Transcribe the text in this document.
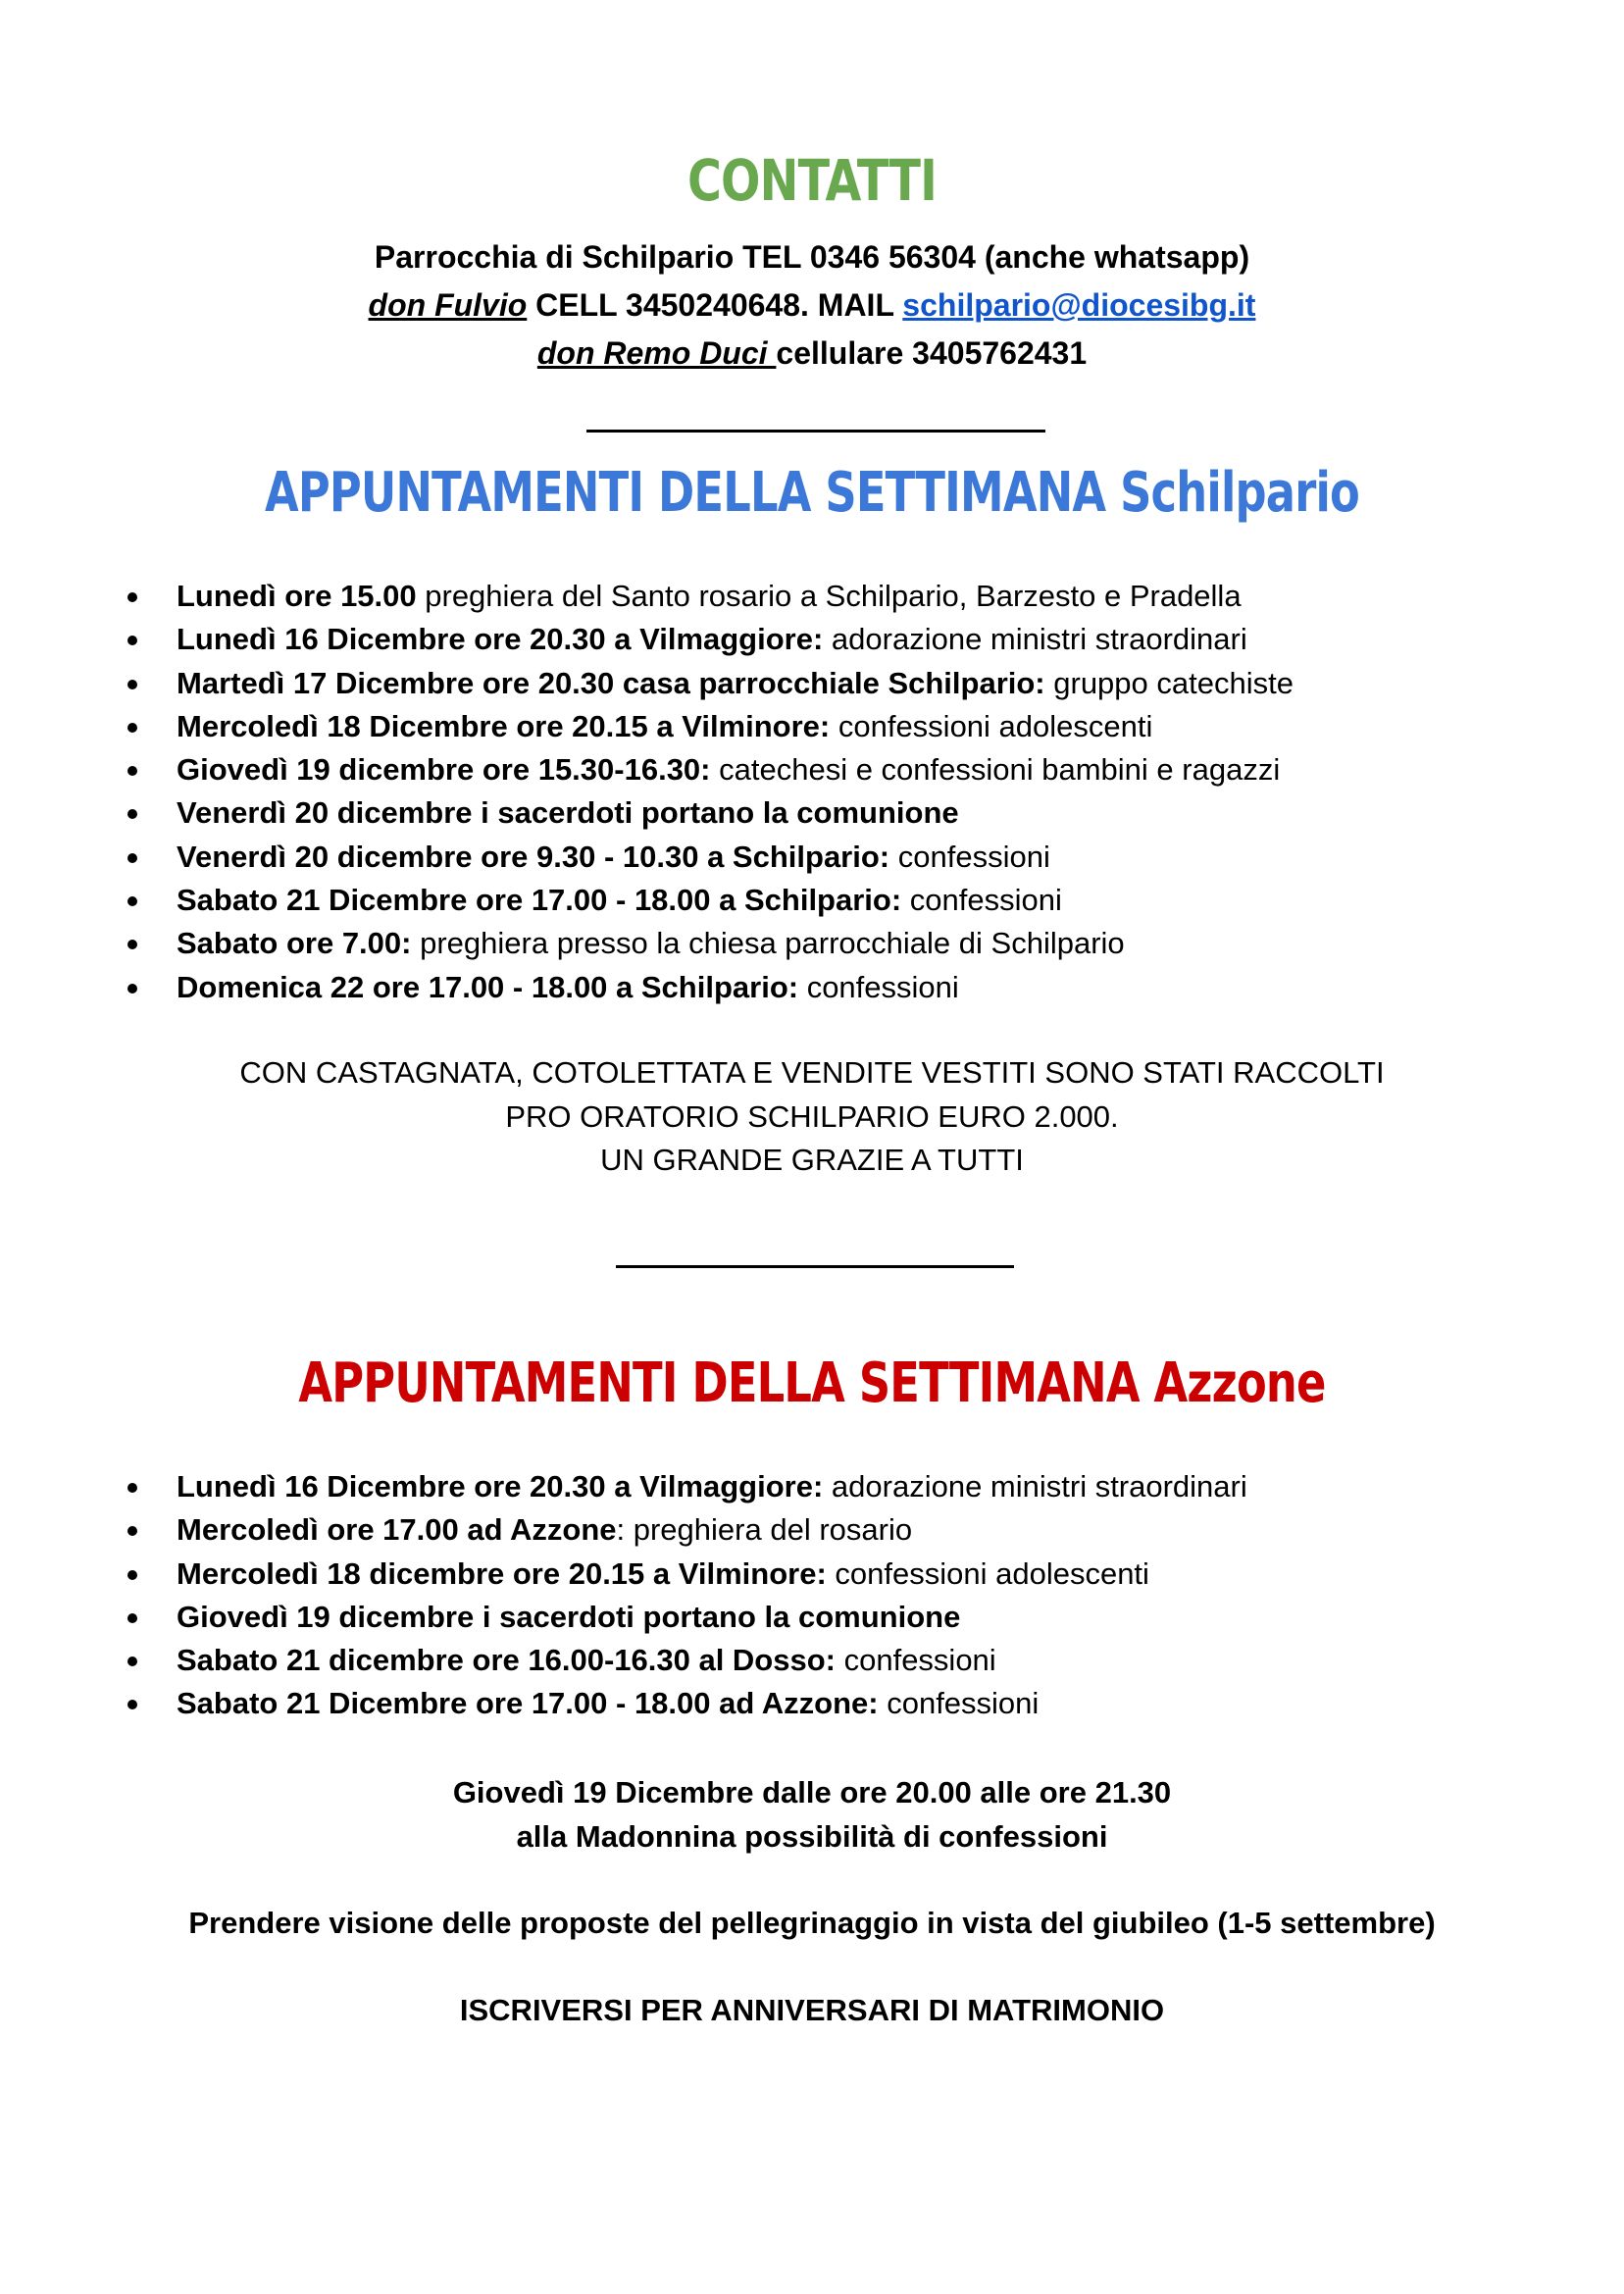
CONTATTI
Parrocchia di Schilpario TEL 0346 56304 (anche whatsapp)
don Fulvio CELL 3450240648. MAIL schilpario@diocesibg.it
don Remo Duci cellulare 3405762431
APPUNTAMENTI DELLA SETTIMANA Schilpario
Lunedì ore 15.00 preghiera del Santo rosario a Schilpario, Barzesto e Pradella
Lunedì 16 Dicembre ore 20.30 a Vilmaggiore: adorazione ministri straordinari
Martedì 17 Dicembre ore 20.30 casa parrocchiale Schilpario: gruppo catechiste
Mercoledì 18 Dicembre ore 20.15 a Vilminore: confessioni adolescenti
Giovedì 19 dicembre ore 15.30-16.30: catechesi e confessioni bambini e ragazzi
Venerdì 20 dicembre i sacerdoti portano la comunione
Venerdì 20 dicembre ore 9.30 - 10.30 a Schilpario: confessioni
Sabato 21 Dicembre ore 17.00 - 18.00 a Schilpario: confessioni
Sabato ore 7.00: preghiera presso la chiesa parrocchiale di Schilpario
Domenica 22 ore 17.00 - 18.00 a Schilpario: confessioni
CON CASTAGNATA, COTOLETTATA E VENDITE VESTITI SONO STATI RACCOLTI
PRO ORATORIO SCHILPARIO EURO 2.000.
UN GRANDE GRAZIE A TUTTI
APPUNTAMENTI DELLA SETTIMANA Azzone
Lunedì 16 Dicembre ore 20.30 a Vilmaggiore: adorazione ministri straordinari
Mercoledì ore 17.00 ad Azzone: preghiera del rosario
Mercoledì 18 dicembre ore 20.15 a Vilminore: confessioni adolescenti
Giovedì 19 dicembre i sacerdoti portano la comunione
Sabato 21 dicembre ore 16.00-16.30 al Dosso: confessioni
Sabato 21 Dicembre ore 17.00 - 18.00 ad Azzone: confessioni
Giovedì 19 Dicembre dalle ore 20.00 alle ore 21.30
alla Madonnina possibilità di confessioni
Prendere visione delle proposte del pellegrinaggio in vista del giubileo (1-5 settembre)
ISCRIVERSI PER ANNIVERSARI DI MATRIMONIO
